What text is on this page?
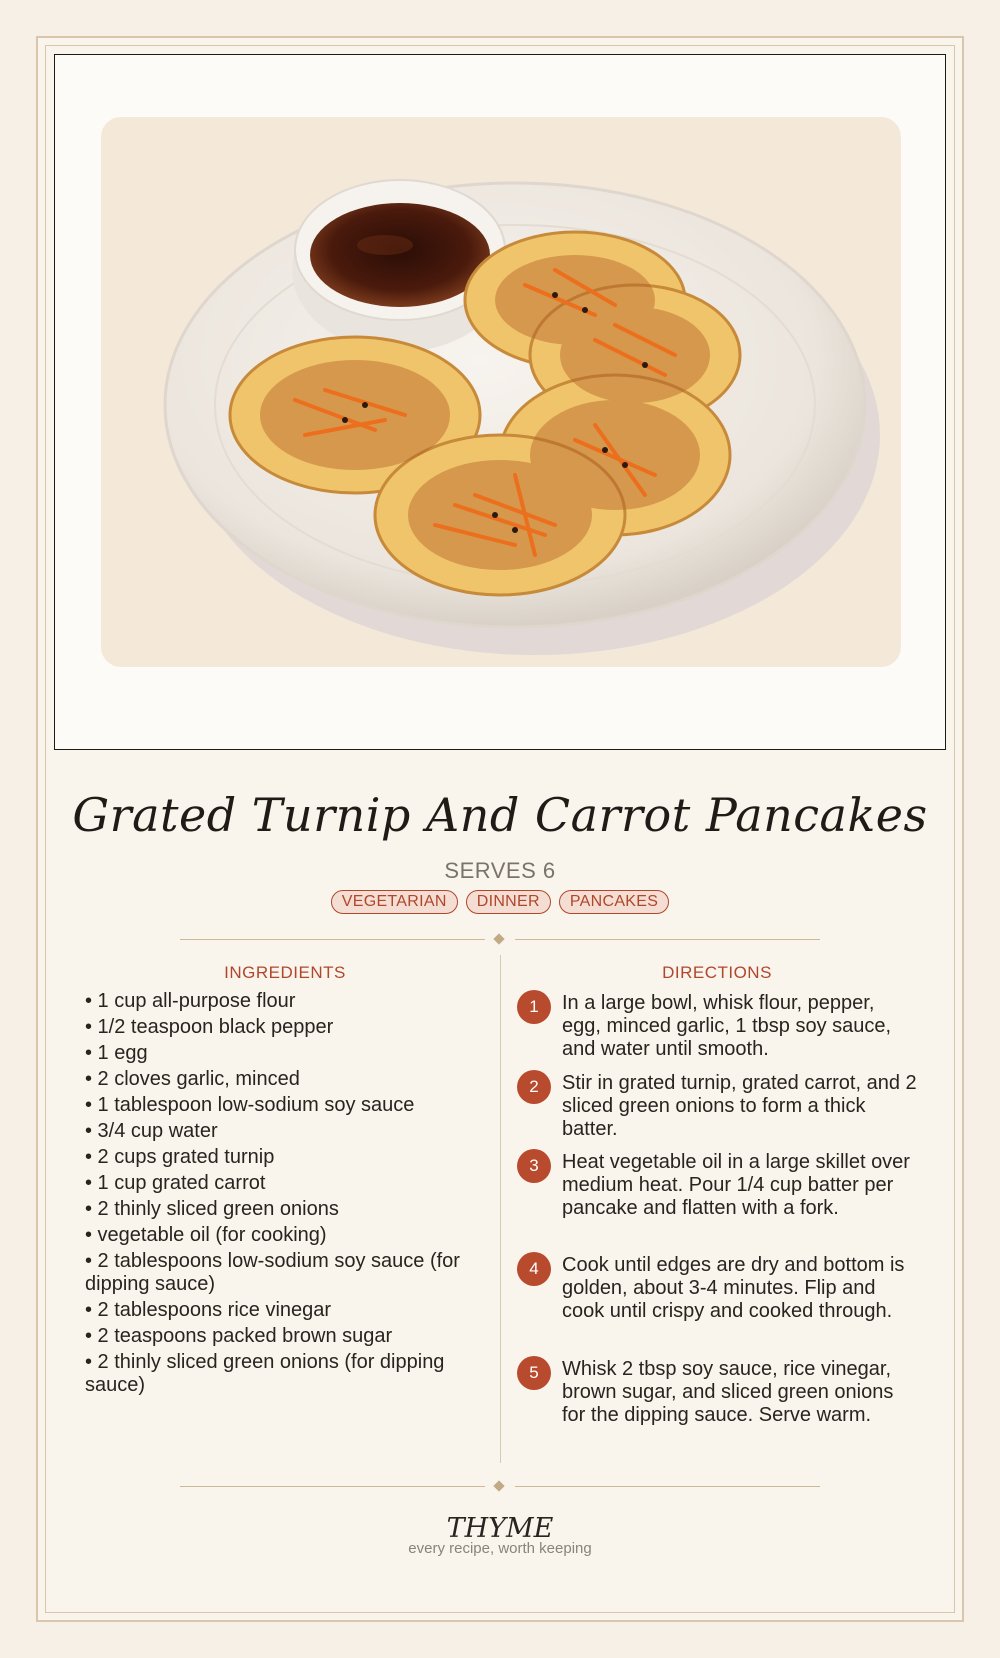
Grated Turnip And Carrot Pancakes
SERVES 6
VEGETARIAN	DINNER	PANCAKES
INGREDIENTS	DIRECTIONS
• 1 cup all-purpose flour
• 1/2 teaspoon black pepper
• 1 egg
• 2 cloves garlic, minced
• 1 tablespoon low-sodium soy sauce
• 3/4 cup water
• 2 cups grated turnip
• 1 cup grated carrot
• 2 thinly sliced green onions
• vegetable oil (for cooking)
• 2 tablespoons low-sodium soy sauce (for dipping sauce)
• 2 tablespoons rice vinegar
• 2 teaspoons packed brown sugar
• 2 thinly sliced green onions (for dipping sauce)
1	In a large bowl, whisk flour, pepper, egg, minced garlic, 1 tbsp soy sauce, and water until smooth.
2	Stir in grated turnip, grated carrot, and 2 sliced green onions to form a thick batter.
3	Heat vegetable oil in a large skillet over medium heat. Pour 1/4 cup batter per pancake and flatten with a fork.
4	Cook until edges are dry and bottom is golden, about 3-4 minutes. Flip and cook until crispy and cooked through.
5	Whisk 2 tbsp soy sauce, rice vinegar, brown sugar, and sliced green onions for the dipping sauce. Serve warm.
THYME
every recipe, worth keeping
